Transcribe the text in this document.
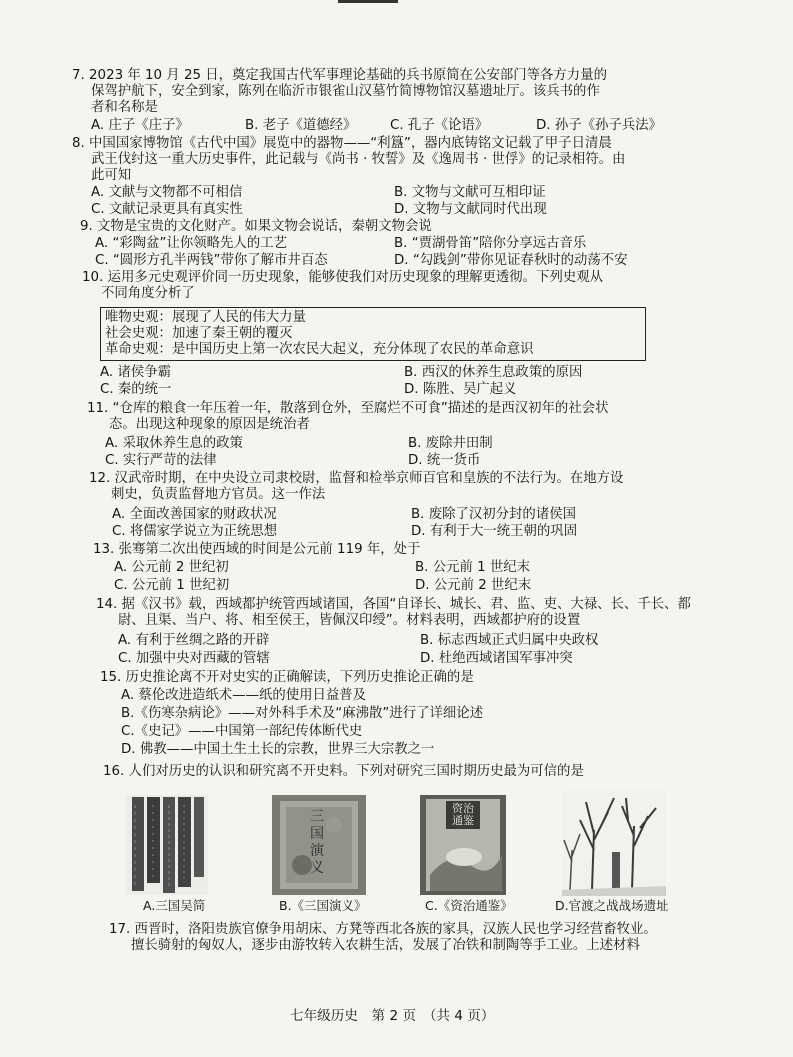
7. 2023 年 10 月 25 日，奠定我国古代军事理论基础的兵书原简在公安部门等各方力量的
保驾护航下，安全到家，陈列在临沂市银雀山汉墓竹简博物馆汉墓遗址厅。该兵书的作
者和名称是
A. 庄子《庄子》	B. 老子《道德经》	C. 孔子《论语》	D. 孙子《孙子兵法》
8. 中国国家博物馆《古代中国》展览中的器物——“利簋”，器内底铸铭文记载了甲子日清晨
武王伐纣这一重大历史事件，此记载与《尚书 · 牧誓》及《逸周书 · 世俘》的记录相符。由
此可知
A. 文献与文物都不可相信	B. 文物与文献可互相印证
C. 文献记录更具有真实性	D. 文物与文献同时代出现
9. 文物是宝贵的文化财产。如果文物会说话，秦朝文物会说
A. “彩陶盆”让你领略先人的工艺	B. “贾湖骨笛”陪你分享远古音乐
C. “圆形方孔半两钱”带你了解市井百态	D. “勾践剑”带你见证春秋时的动荡不安
10. 运用多元史观评价同一历史现象，能够使我们对历史现象的理解更透彻。下列史观从
不同角度分析了
唯物史观：展现了人民的伟大力量
社会史观：加速了秦王朝的覆灭
革命史观：是中国历史上第一次农民大起义，充分体现了农民的革命意识
A. 诸侯争霸	B. 西汉的休养生息政策的原因
C. 秦的统一	D. 陈胜、吴广起义
11. “仓库的粮食一年压着一年，散落到仓外，至腐烂不可食”描述的是西汉初年的社会状
态。出现这种现象的原因是统治者
A. 采取休养生息的政策	B. 废除井田制
C. 实行严苛的法律	D. 统一货币
12. 汉武帝时期，在中央设立司隶校尉，监督和检举京师百官和皇族的不法行为。在地方设
刺史，负责监督地方官员。这一作法
A. 全面改善国家的财政状况	B. 废除了汉初分封的诸侯国
C. 将儒家学说立为正统思想	D. 有利于大一统王朝的巩固
13. 张骞第二次出使西域的时间是公元前 119 年，处于
A. 公元前 2 世纪初	B. 公元前 1 世纪末
C. 公元前 1 世纪初	D. 公元前 2 世纪末
14. 据《汉书》载，西域都护统管西域诸国，各国“自译长、城长、君、监、吏、大禄、长、千长、都
尉、且渠、当户、将、相至侯王，皆佩汉印绶”。材料表明，西域都护府的设置
A. 有利于丝绸之路的开辟	B. 标志西域正式归属中央政权
C. 加强中央对西藏的管辖	D. 杜绝西域诸国军事冲突
15. 历史推论离不开对史实的正确解读，下列历史推论正确的是
A. 蔡伦改进造纸术——纸的使用日益普及
B.《伤寒杂病论》——对外科手术及“麻沸散”进行了详细论述
C.《史记》——中国第一部纪传体断代史
D. 佛教——中国土生土长的宗教，世界三大宗教之一
16. 人们对历史的认识和研究离不开史料。下列对研究三国时期历史最为可信的是
A.三国吴简
三国演义
B.《三国演义》
资治通鉴
C.《资治通鉴》	D.官渡之战战场遗址
17. 西晋时，洛阳贵族官僚争用胡床、方凳等西北各族的家具，汉族人民也学习经营畜牧业。
擅长骑射的匈奴人，逐步由游牧转入农耕生活，发展了冶铁和制陶等手工业。上述材料
七年级历史　第 2 页　（共 4 页）
